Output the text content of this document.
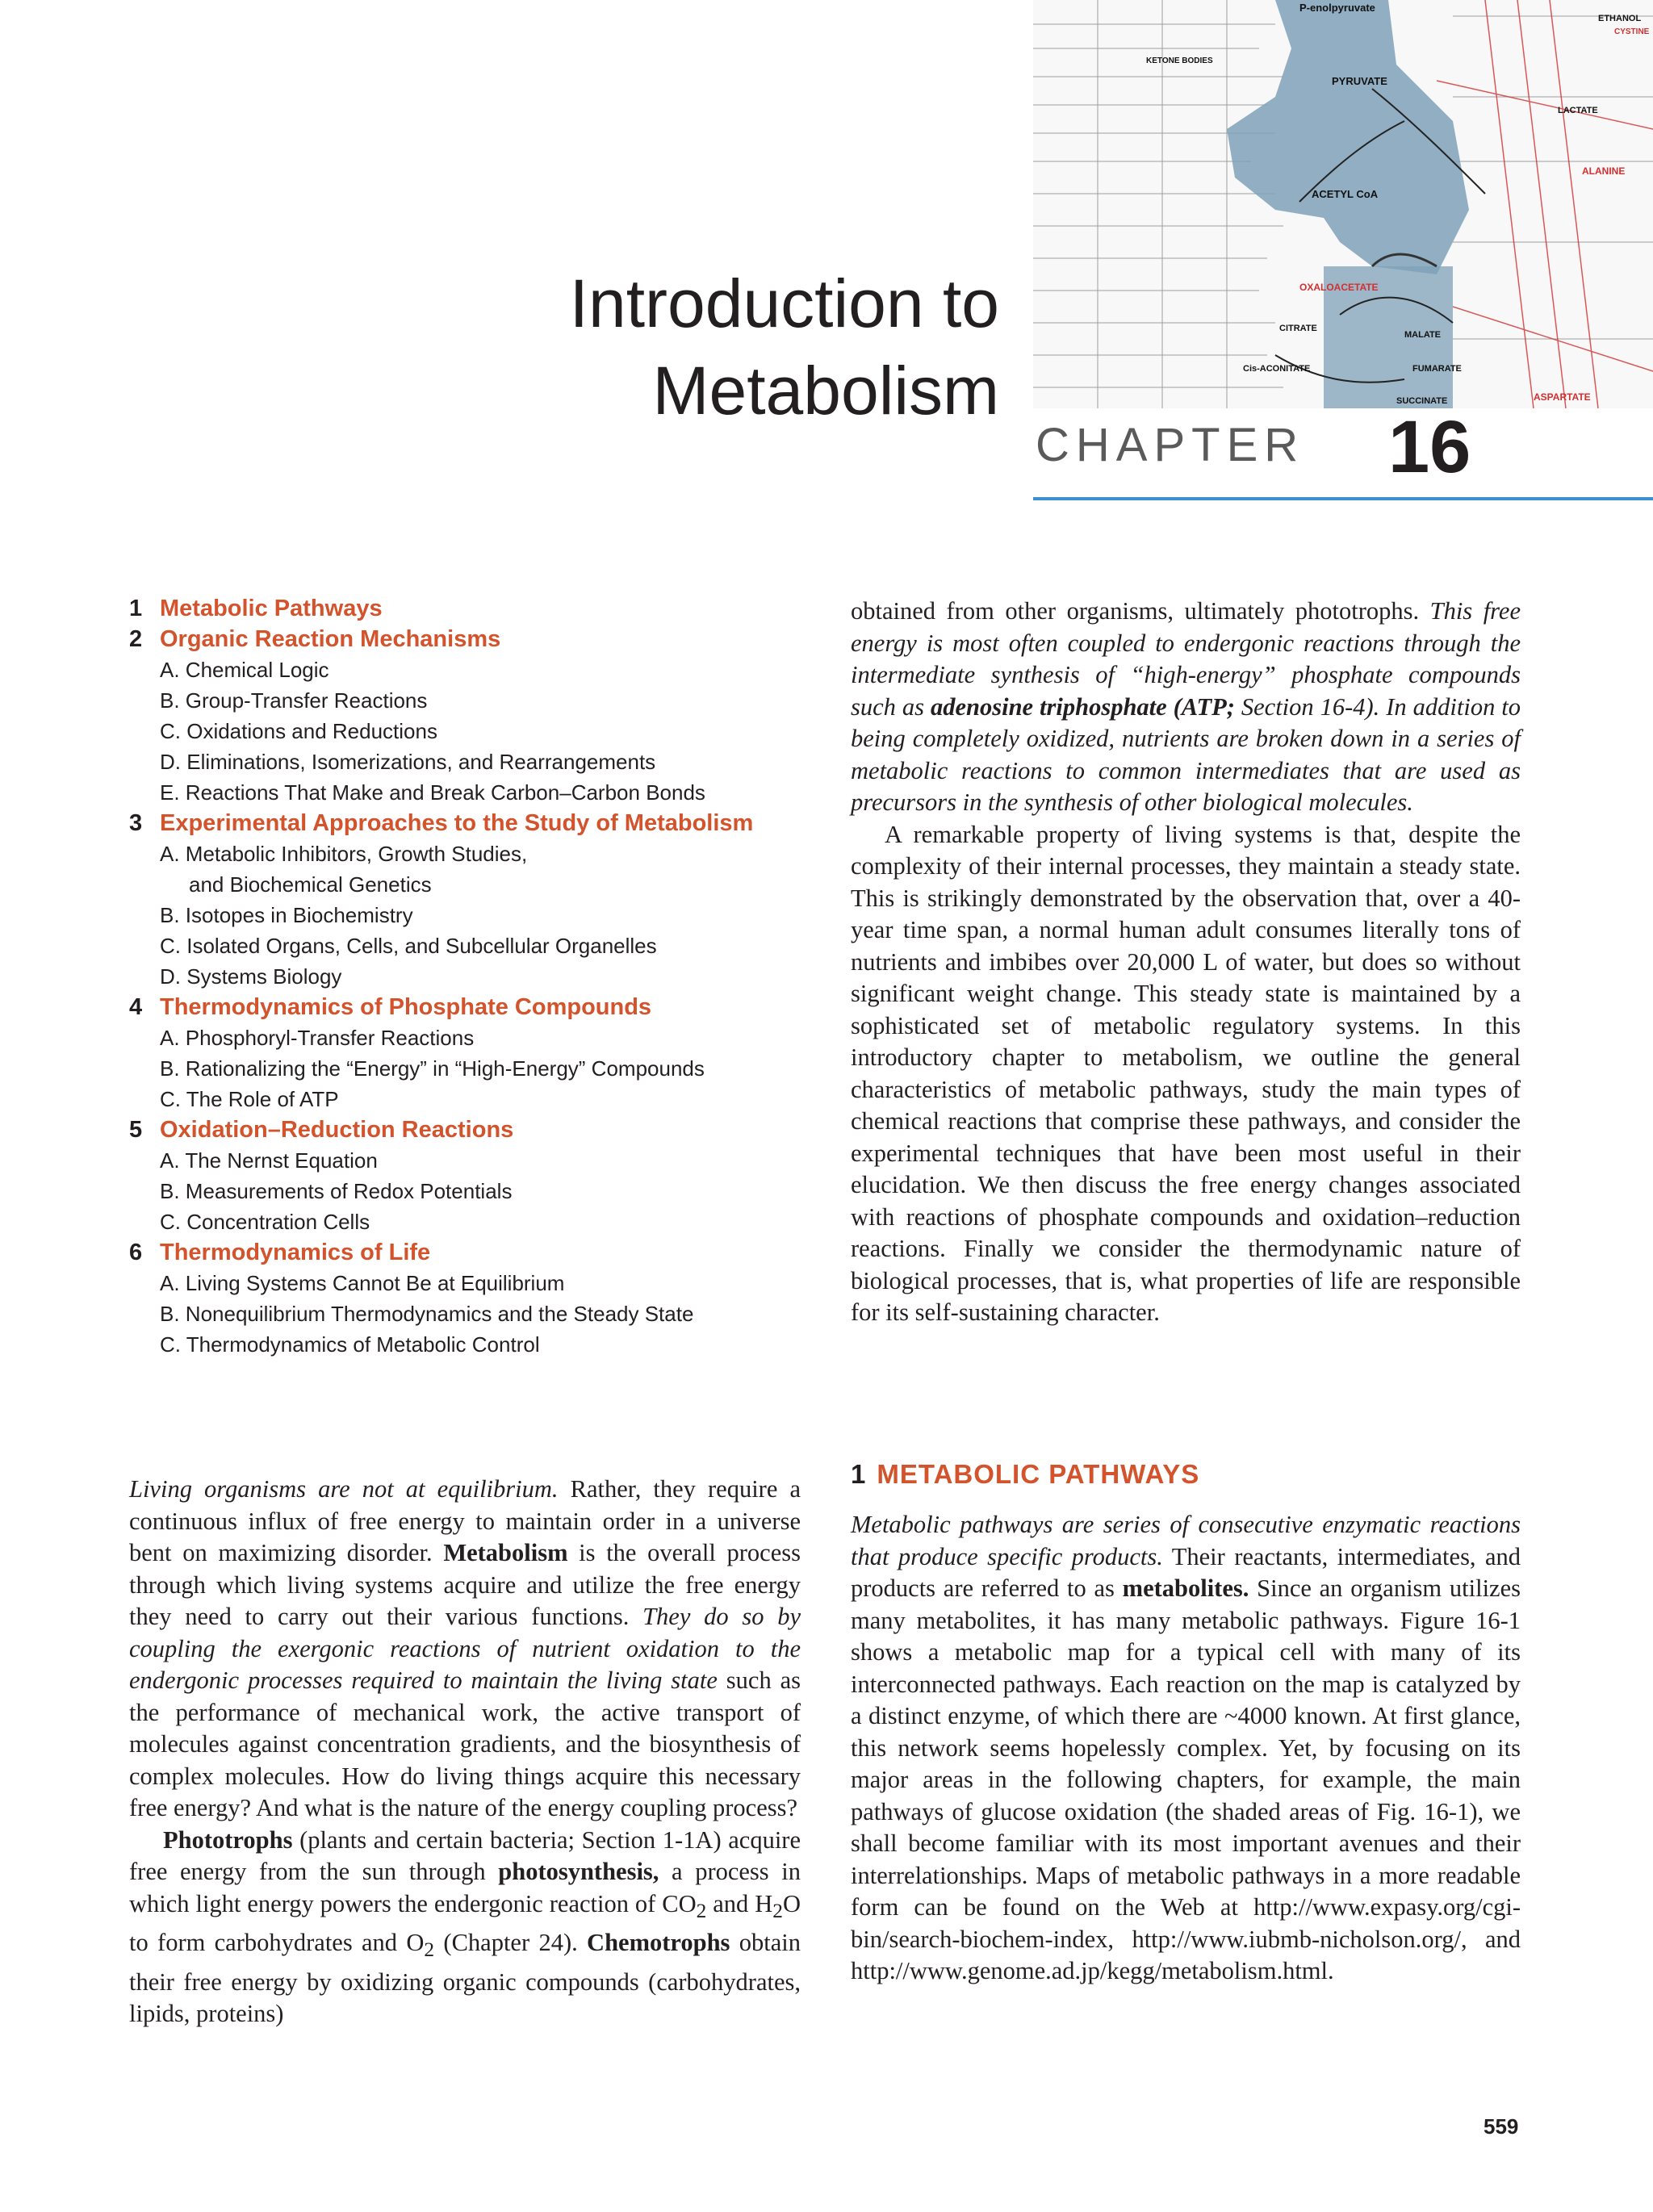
Introduction to
Metabolism
P-enolpyruvate
ETHANOL
KETONE BODIES
PYRUVATE
LACTATE
ALANINE
ACETYL CoA
OXALOACETATE
CITRATE
MALATE
FUMARATE
Cis-ACONITATE
SUCCINATE	ASPARTATE
CYSTINE
CHAPTER 16
1 Metabolic Pathways
2 Organic Reaction Mechanisms
A. Chemical Logic
B. Group-Transfer Reactions
C. Oxidations and Reductions
D. Eliminations, Isomerizations, and Rearrangements
E. Reactions That Make and Break Carbon–Carbon Bonds
3 Experimental Approaches to the Study of Metabolism
A. Metabolic Inhibitors, Growth Studies,
and Biochemical Genetics
B. Isotopes in Biochemistry
C. Isolated Organs, Cells, and Subcellular Organelles
D. Systems Biology
4 Thermodynamics of Phosphate Compounds
A. Phosphoryl-Transfer Reactions
B. Rationalizing the “Energy” in “High-Energy” Compounds
C. The Role of ATP
5 Oxidation–Reduction Reactions
A. The Nernst Equation
B. Measurements of Redox Potentials
C. Concentration Cells
6 Thermodynamics of Life
A. Living Systems Cannot Be at Equilibrium
B. Nonequilibrium Thermodynamics and the Steady State
C. Thermodynamics of Metabolic Control

obtained from other organisms, ultimately phototrophs. This free energy is most often coupled to endergonic reactions through the intermediate synthesis of “high-energy” phosphate compounds such as adenosine triphosphate (ATP; Section 16-4). In addition to being completely oxidized, nutrients are broken down in a series of metabolic reactions to common intermediates that are used as precursors in the synthesis of other biological molecules.

A remarkable property of living systems is that, despite the complexity of their internal processes, they maintain a steady state. This is strikingly demonstrated by the observation that, over a 40-year time span, a normal human adult consumes literally tons of nutrients and imbibes over 20,000 L of water, but does so without significant weight change. This steady state is maintained by a sophisticated set of metabolic regulatory systems. In this introductory chapter to metabolism, we outline the general characteristics of metabolic pathways, study the main types of chemical reactions that comprise these pathways, and consider the experimental techniques that have been most useful in their elucidation. We then discuss the free energy changes associated with reactions of phosphate compounds and oxidation–reduction reactions. Finally we consider the thermodynamic nature of biological processes, that is, what properties of life are responsible for its self-sustaining character.

Living organisms are not at equilibrium. Rather, they require a continuous influx of free energy to maintain order in a universe bent on maximizing disorder. Metabolism is the overall process through which living systems acquire and utilize the free energy they need to carry out their various functions. They do so by coupling the exergonic reactions of nutrient oxidation to the endergonic processes required to maintain the living state such as the performance of mechanical work, the active transport of molecules against concentration gradients, and the biosynthesis of complex molecules. How do living things acquire this necessary free energy? And what is the nature of the energy coupling process?

Phototrophs (plants and certain bacteria; Section 1-1A) acquire free energy from the sun through photosynthesis, a process in which light energy powers the endergonic reaction of $CO_2$ and $H_2O$ to form carbohydrates and $O_2$ (Chapter 24). Chemotrophs obtain their free energy by oxidizing organic compounds (carbohydrates, lipids, proteins)

1 METABOLIC PATHWAYS

Metabolic pathways are series of consecutive enzymatic reactions that produce specific products. Their reactants, intermediates, and products are referred to as metabolites. Since an organism utilizes many metabolites, it has many metabolic pathways. Figure 16-1 shows a metabolic map for a typical cell with many of its interconnected pathways. Each reaction on the map is catalyzed by a distinct enzyme, of which there are ~4000 known. At first glance, this network seems hopelessly complex. Yet, by focusing on its major areas in the following chapters, for example, the main pathways of glucose oxidation (the shaded areas of Fig. 16-1), we shall become familiar with its most important avenues and their interrelationships. Maps of metabolic pathways in a more readable form can be found on the Web at http://www.expasy.org/cgi-bin/search-biochem-index, http://www.iubmb-nicholson.org/, and http://www.genome.ad.jp/kegg/metabolism.html.

559
